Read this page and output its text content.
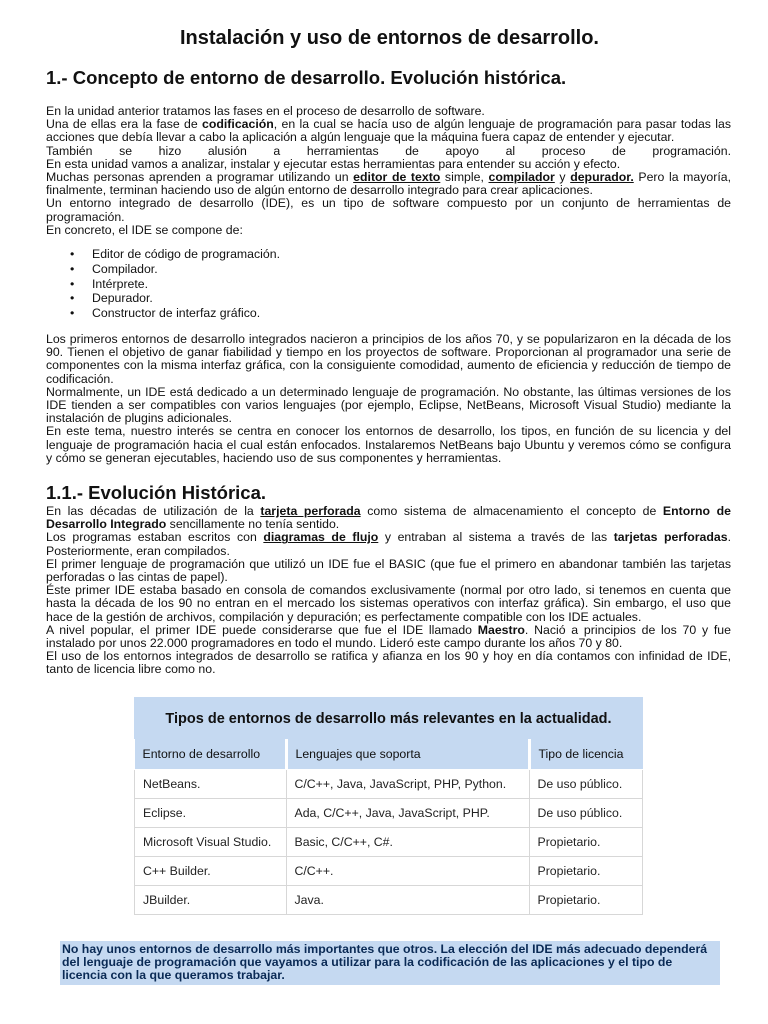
Instalación y uso de entornos de desarrollo.
1.- Concepto de entorno de desarrollo. Evolución histórica.

En la unidad anterior tratamos las fases en el proceso de desarrollo de software.

Una de ellas era la fase de codificación, en la cual se hacía uso de algún lenguaje de programación para pasar todas las acciones que debía llevar a cabo la aplicación a algún lenguaje que la máquina fuera capaz de entender y ejecutar.

También se hizo alusión a herramientas de apoyo al proceso de programación.

En esta unidad vamos a analizar, instalar y ejecutar estas herramientas para entender su acción y efecto.

Muchas personas aprenden a programar utilizando un editor de texto simple, compilador y depurador. Pero la mayoría, finalmente, terminan haciendo uso de algún entorno de desarrollo integrado para crear aplicaciones.

Un entorno integrado de desarrollo (IDE), es un tipo de software compuesto por un conjunto de herramientas de programación.

En concreto, el IDE se compone de:

• Editor de código de programación.
• Compilador.
• Intérprete.
• Depurador.
• Constructor de interfaz gráfico.

Los primeros entornos de desarrollo integrados nacieron a principios de los años 70, y se popularizaron en la década de los 90. Tienen el objetivo de ganar fiabilidad y tiempo en los proyectos de software. Proporcionan al programador una serie de componentes con la misma interfaz gráfica, con la consiguiente comodidad, aumento de eficiencia y reducción de tiempo de codificación.

Normalmente, un IDE está dedicado a un determinado lenguaje de programación. No obstante, las últimas versiones de los IDE tienden a ser compatibles con varios lenguajes (por ejemplo, Eclipse, NetBeans, Microsoft Visual Studio) mediante la instalación de plugins adicionales.

En este tema, nuestro interés se centra en conocer los entornos de desarrollo, los tipos, en función de su licencia y del lenguaje de programación hacia el cual están enfocados. Instalaremos NetBeans bajo Ubuntu y veremos cómo se configura y cómo se generan ejecutables, haciendo uso de sus componentes y herramientas.

1.1.- Evolución Histórica.

En las décadas de utilización de la tarjeta perforada como sistema de almacenamiento el concepto de Entorno de Desarrollo Integrado sencillamente no tenía sentido.

Los programas estaban escritos con diagramas de flujo y entraban al sistema a través de las tarjetas perforadas. Posteriormente, eran compilados.

El primer lenguaje de programación que utilizó un IDE fue el BASIC (que fue el primero en abandonar también las tarjetas perforadas o las cintas de papel).

Éste primer IDE estaba basado en consola de comandos exclusivamente (normal por otro lado, si tenemos en cuenta que hasta la década de los 90 no entran en el mercado los sistemas operativos con interfaz gráfica). Sin embargo, el uso que hace de la gestión de archivos, compilación y depuración; es perfectamente compatible con los IDE actuales.

A nivel popular, el primer IDE puede considerarse que fue el IDE llamado Maestro. Nació a principios de los 70 y fue instalado por unos 22.000 programadores en todo el mundo. Lideró este campo durante los años 70 y 80.

El uso de los entornos integrados de desarrollo se ratifica y afianza en los 90 y hoy en día contamos con infinidad de IDE, tanto de licencia libre como no.

Tipos de entornos de desarrollo más relevantes en la actualidad.
Entorno de desarrollo	Lenguajes que soporta	Tipo de licencia
NetBeans.	C/C++, Java, JavaScript, PHP, Python.	De uso público.
Eclipse.	Ada, C/C++, Java, JavaScript, PHP.	De uso público.
Microsoft Visual Studio.	Basic, C/C++, C#.	Propietario.
C++ Builder.	C/C++.	Propietario.
JBuilder.	Java.	Propietario.
No hay unos entornos de desarrollo más importantes que otros. La elección del IDE más adecuado dependerá del lenguaje de programación que vayamos a utilizar para la codificación de las aplicaciones y el tipo de licencia con la que queramos trabajar.
